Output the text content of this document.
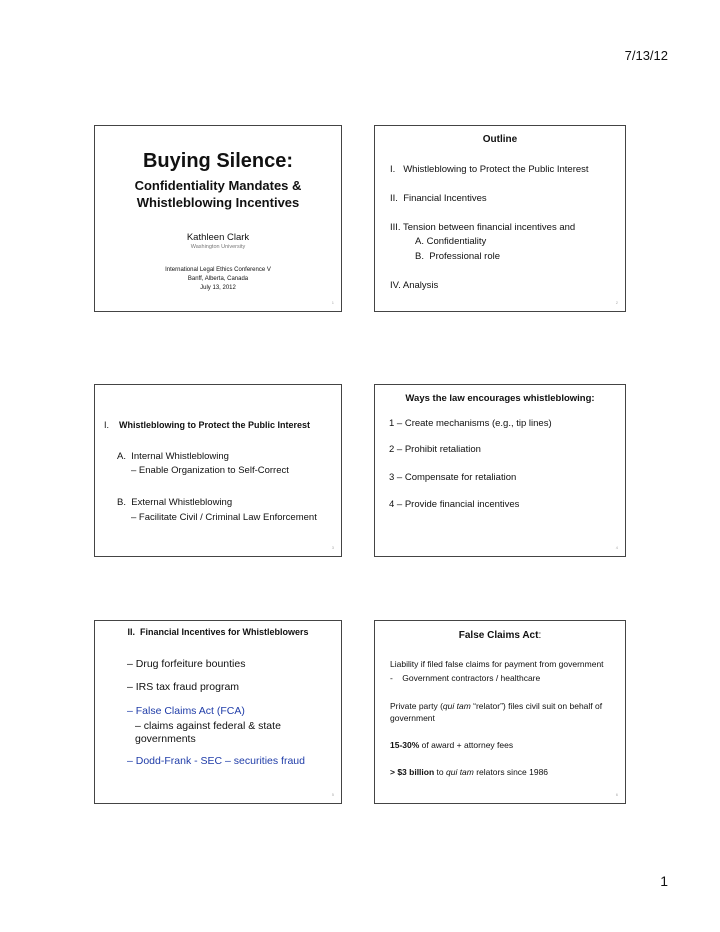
7/13/12
Buying Silence:
Confidentiality Mandates &
Whistleblowing Incentives
Kathleen Clark
Washington University
International Legal Ethics Conference V
Banff, Alberta, Canada
July 13, 2012
1
Outline
I.   Whistleblowing to Protect the Public Interest
II.  Financial Incentives
III. Tension between financial incentives and
A. Confidentiality
B.  Professional role
IV. Analysis
2
I. Whistleblowing to Protect the Public Interest
A.  Internal Whistleblowing
– Enable Organization to Self-Correct
B.  External Whistleblowing
– Facilitate Civil / Criminal Law Enforcement
3
Ways the law encourages whistleblowing:
1 – Create mechanisms (e.g., tip lines)
2 – Prohibit retaliation
3 – Compensate for retaliation
4 – Provide financial incentives
4
II.  Financial Incentives for Whistleblowers
– Drug forfeiture bounties
– IRS tax fraud program
– False Claims Act (FCA)
– claims against federal & state
governments
– Dodd-Frank - SEC – securities fraud
5
False Claims Act:
Liability if filed false claims for payment from government
-    Government contractors / healthcare
Private party (qui tam “relator”) files civil suit on behalf of
government
15-30% of award + attorney fees
> $3 billion to qui tam relators since 1986
6
1
